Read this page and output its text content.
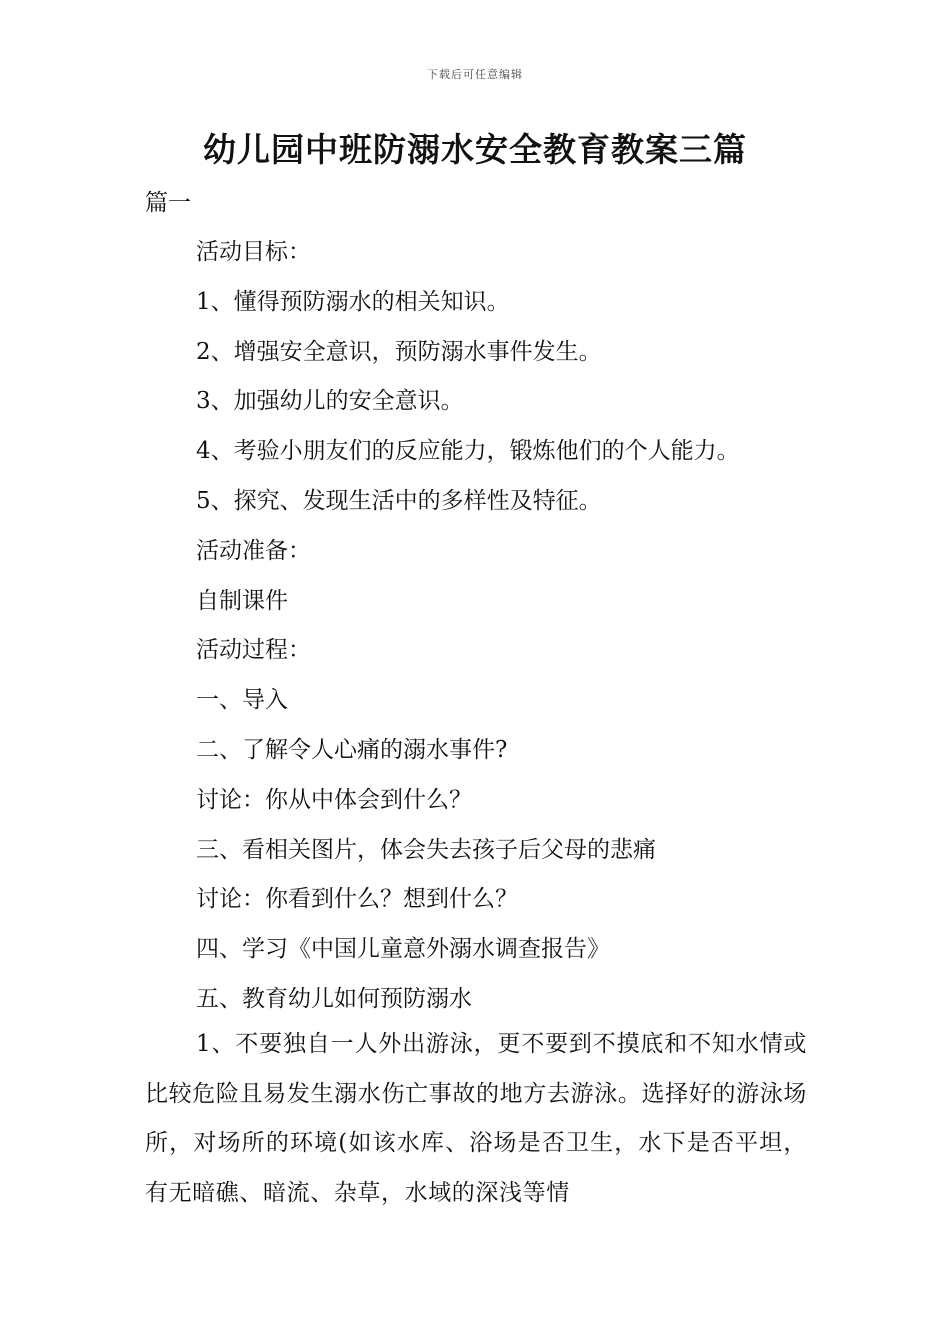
下载后可任意编辑
幼儿园中班防溺水安全教育教案三篇

篇一

活动目标：
1、懂得预防溺水的相关知识。
2、增强安全意识，预防溺水事件发生。
3、加强幼儿的安全意识。
4、考验小朋友们的反应能力，锻炼他们的个人能力。
5、探究、发现生活中的多样性及特征。
活动准备：
自制课件
活动过程：
一、导入
二、了解令人心痛的溺水事件?
讨论：你从中体会到什么？
三、看相关图片，体会失去孩子后父母的悲痛
讨论：你看到什么？想到什么？
四、学习《中国儿童意外溺水调查报告》
五、教育幼儿如何预防溺水

1、不要独自一人外出游泳，更不要到不摸底和不知水情或比较危险且易发生溺水伤亡事故的地方去游泳。选择好的游泳场所，对场所的环境(如该水库、浴场是否卫生，水下是否平坦，有无暗礁、暗流、杂草，水域的深浅等情
